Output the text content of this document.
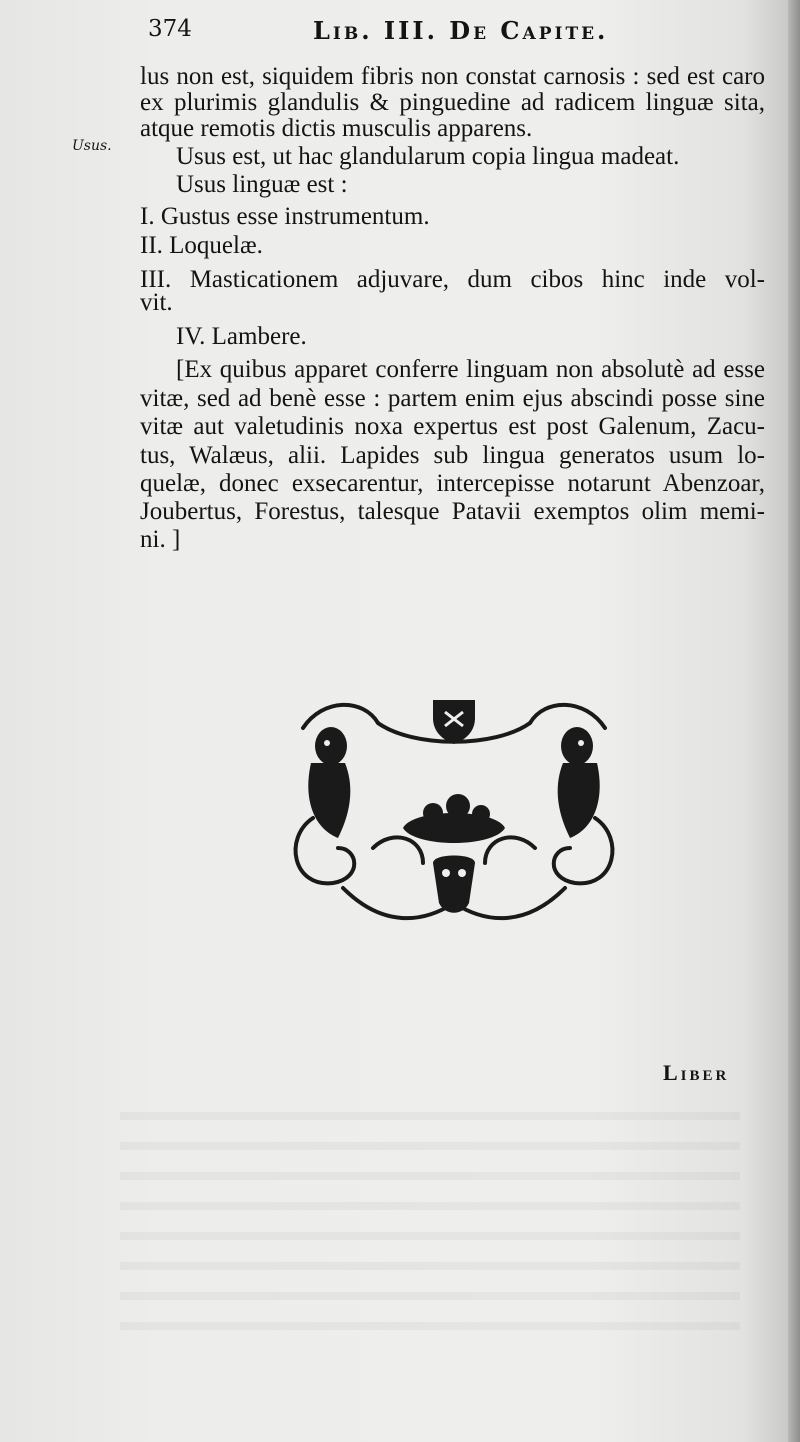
374	Lib. III. De Capite.
Usus.
lus non est, siquidem fibris non constat carnosis : sed est caro
ex plurimis glandulis & pinguedine ad radicem linguæ sita,
atque remotis dictis musculis apparens.
Usus est, ut hac glandularum copia lingua madeat.
Usus linguæ est :
I. Gustus esse instrumentum.
II. Loquelæ.
III. Masticationem adjuvare, dum cibos hinc inde vol-
vit.
IV. Lambere.
[Ex quibus apparet conferre linguam non absolutè ad esse
vitæ, sed ad benè esse : partem enim ejus abscindi posse sine
vitæ aut valetudinis noxa expertus est post Galenum, Zacu-
tus, Walæus, alii. Lapides sub lingua generatos usum lo-
quelæ, donec exsecarentur, intercepisse notarunt Abenzoar,
Joubertus, Forestus, talesque Patavii exemptos olim memi-
ni. ]
Liber
